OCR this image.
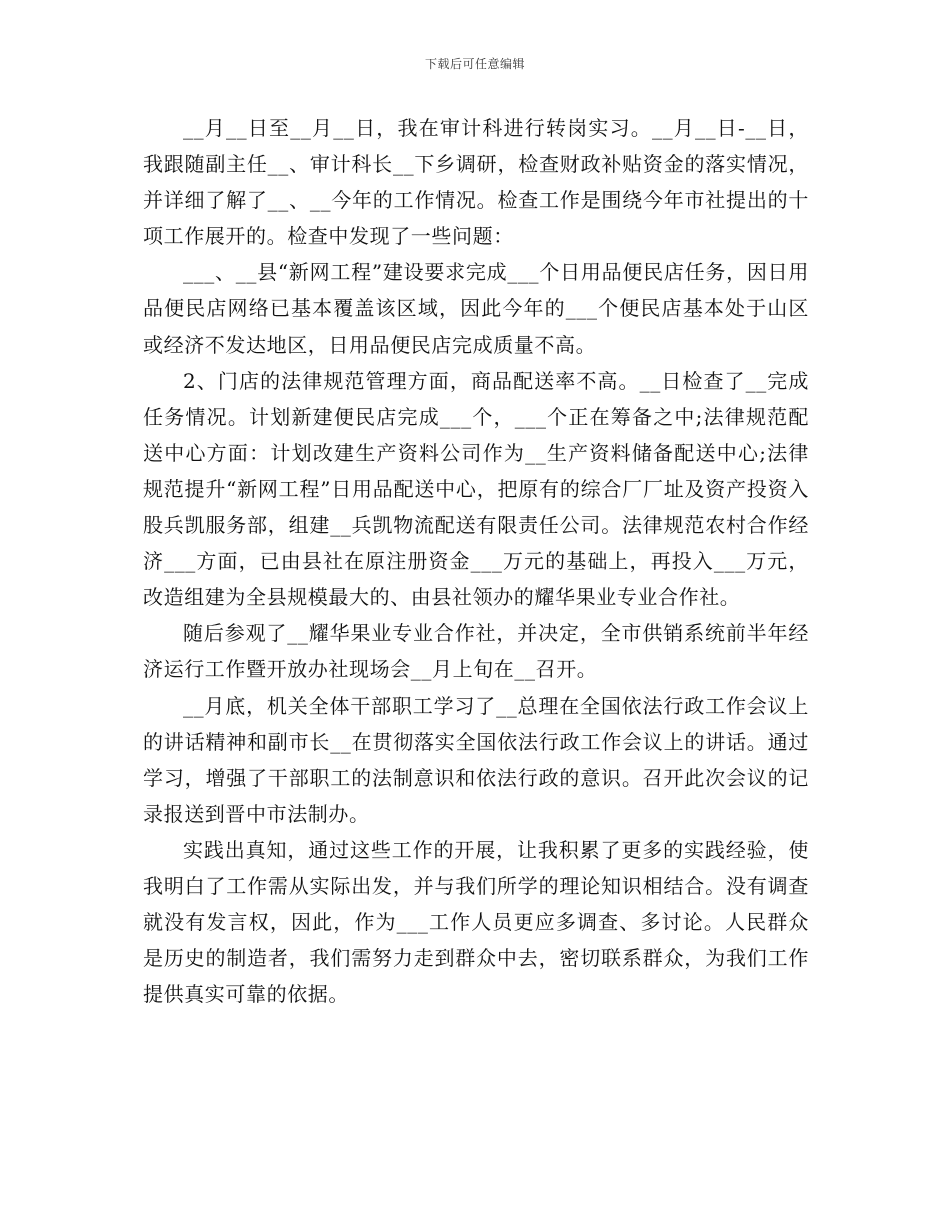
下载后可任意编辑

__月__日至__月__日，我在审计科进行转岗实习。__月__日-__日，我跟随副主任__、审计科长__下乡调研，检查财政补贴资金的落实情况，并详细了解了__、__今年的工作情况。检查工作是围绕今年市社提出的十项工作展开的。检查中发现了一些问题：

___、__县“新网工程”建设要求完成___个日用品便民店任务，因日用品便民店网络已基本覆盖该区域，因此今年的___个便民店基本处于山区或经济不发达地区，日用品便民店完成质量不高。

2、门店的法律规范管理方面，商品配送率不高。__日检查了__完成任务情况。计划新建便民店完成___个，___个正在筹备之中;法律规范配送中心方面：计划改建生产资料公司作为__生产资料储备配送中心;法律规范提升“新网工程”日用品配送中心，把原有的综合厂厂址及资产投资入股兵凯服务部，组建__兵凯物流配送有限责任公司。法律规范农村合作经济___方面，已由县社在原注册资金___万元的基础上，再投入___万元，改造组建为全县规模最大的、由县社领办的耀华果业专业合作社。

随后参观了__耀华果业专业合作社，并决定，全市供销系统前半年经济运行工作暨开放办社现场会__月上旬在__召开。

__月底，机关全体干部职工学习了__总理在全国依法行政工作会议上的讲话精神和副市长__在贯彻落实全国依法行政工作会议上的讲话。通过学习，增强了干部职工的法制意识和依法行政的意识。召开此次会议的记录报送到晋中市法制办。

实践出真知，通过这些工作的开展，让我积累了更多的实践经验，使我明白了工作需从实际出发，并与我们所学的理论知识相结合。没有调查就没有发言权，因此，作为___工作人员更应多调查、多讨论。人民群众是历史的制造者，我们需努力走到群众中去，密切联系群众，为我们工作提供真实可靠的依据。
